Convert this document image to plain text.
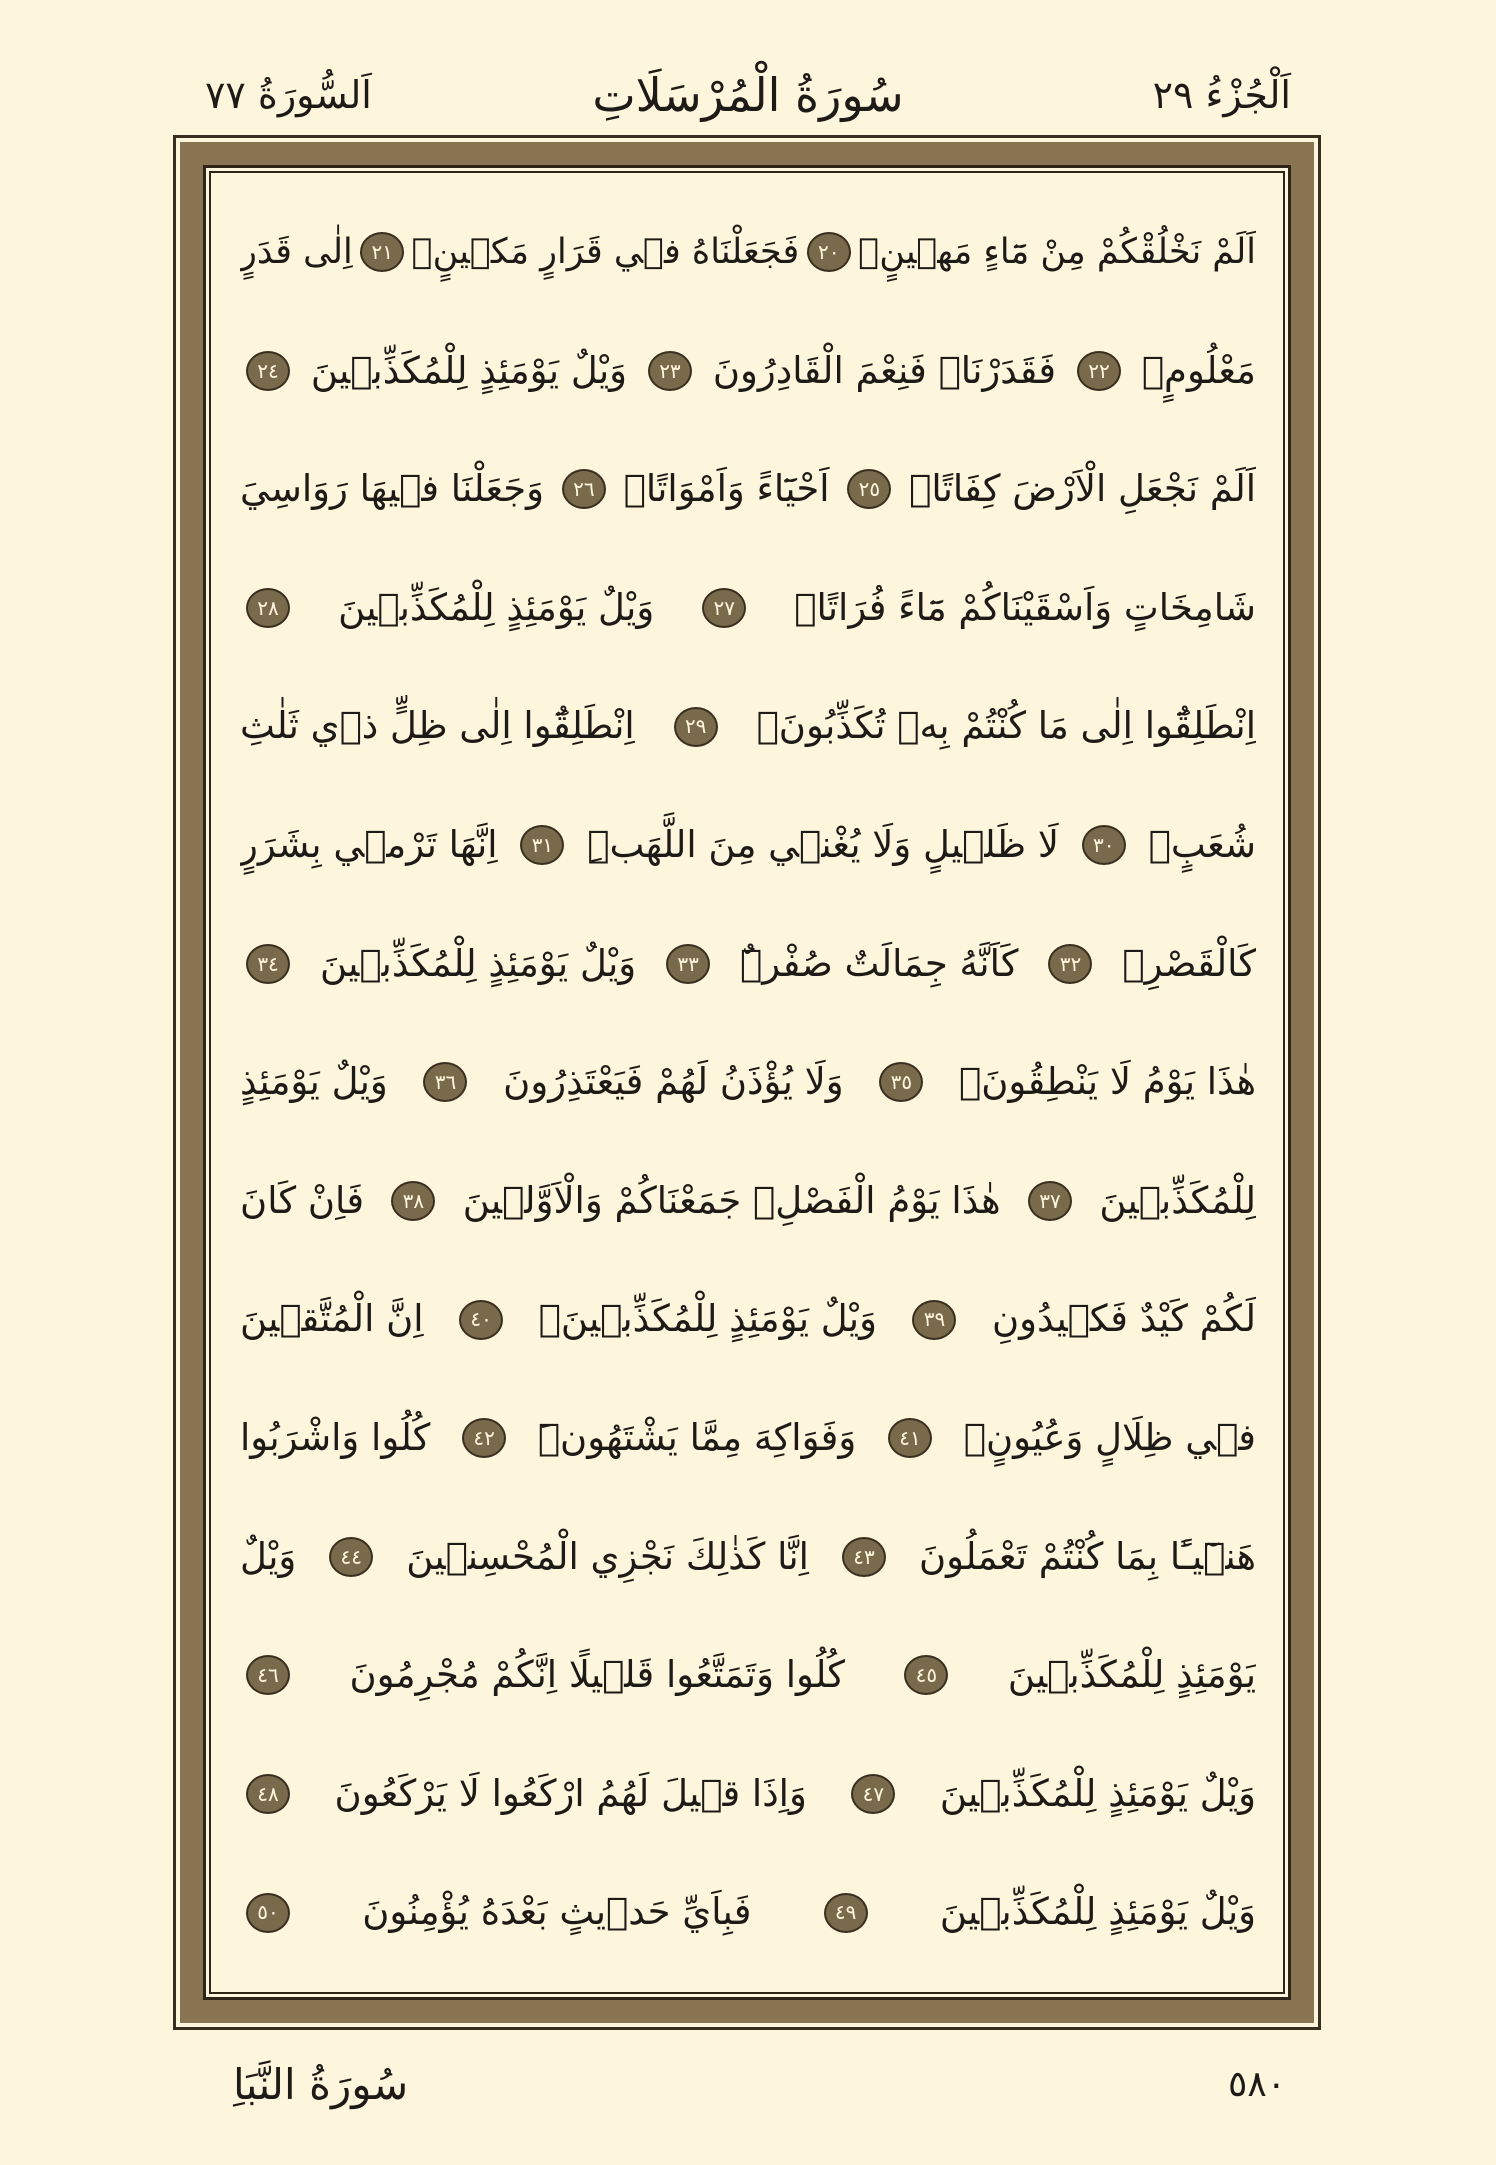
اَلْجُزْءُ ٢٩
سُورَةُ الْمُرْسَلَاتِ
اَلسُّورَةُ ٧٧
اَلَمْ نَخْلُقْكُمْ مِنْ مَٓاءٍ مَه۪ينٍۙ
٢٠
فَجَعَلْنَاهُ ف۪ي قَرَارٍ مَك۪ينٍۙ
٢١
اِلٰى قَدَرٍ
مَعْلُومٍۙ
٢٢
فَقَدَرْنَاۗ فَنِعْمَ الْقَادِرُونَ
٢٣
وَيْلٌ يَوْمَئِذٍ لِلْمُكَذِّب۪ينَ
٢٤
اَلَمْ نَجْعَلِ الْاَرْضَ كِفَاتًاۙ
٢٥
اَحْيَٓاءً وَاَمْوَاتًاۙ
٢٦
وَجَعَلْنَا ف۪يهَا رَوَاسِيَ
شَامِخَاتٍ وَاَسْقَيْنَاكُمْ مَٓاءً فُرَاتًاۜ
٢٧
وَيْلٌ يَوْمَئِذٍ لِلْمُكَذِّب۪ينَ
٢٨
اِنْطَلِقُٓوا اِلٰى مَا كُنْتُمْ بِه۪ تُكَذِّبُونَۚ
٢٩
اِنْطَلِقُٓوا اِلٰى ظِلٍّ ذ۪ي ثَلٰثِ
شُعَبٍۙ
٣٠
لَا ظَل۪يلٍ وَلَا يُغْن۪ي مِنَ اللَّهَبِۜ
٣١
اِنَّهَا تَرْم۪ي بِشَرَرٍ
كَالْقَصْرِۚ
٣٢
كَاَنَّهُ جِمَالَتٌ صُفْرٌۜ
٣٣
وَيْلٌ يَوْمَئِذٍ لِلْمُكَذِّب۪ينَ
٣٤
هٰذَا يَوْمُ لَا يَنْطِقُونَۙ
٣٥
وَلَا يُؤْذَنُ لَهُمْ فَيَعْتَذِرُونَ
٣٦
وَيْلٌ يَوْمَئِذٍ
لِلْمُكَذِّب۪ينَ
٣٧
هٰذَا يَوْمُ الْفَصْلِۚ جَمَعْنَاكُمْ وَالْاَوَّل۪ينَ
٣٨
فَاِنْ كَانَ
لَكُمْ كَيْدٌ فَك۪يدُونِ
٣٩
وَيْلٌ يَوْمَئِذٍ لِلْمُكَذِّب۪ينَ۟
٤٠
اِنَّ الْمُتَّق۪ينَ
ف۪ي ظِلَالٍ وَعُيُونٍۙ
٤١
وَفَوَاكِهَ مِمَّا يَشْتَهُونَۜ
٤٢
كُلُوا وَاشْرَبُوا
هَن۪ٓيـًٔا بِمَا كُنْتُمْ تَعْمَلُونَ
٤٣
اِنَّا كَذٰلِكَ نَجْزِي الْمُحْسِن۪ينَ
٤٤
وَيْلٌ
يَوْمَئِذٍ لِلْمُكَذِّب۪ينَ
٤٥
كُلُوا وَتَمَتَّعُوا قَل۪يلًا اِنَّكُمْ مُجْرِمُونَ
٤٦
وَيْلٌ يَوْمَئِذٍ لِلْمُكَذِّب۪ينَ
٤٧
وَاِذَا ق۪يلَ لَهُمُ ارْكَعُوا لَا يَرْكَعُونَ
٤٨
وَيْلٌ يَوْمَئِذٍ لِلْمُكَذِّب۪ينَ
٤٩
فَبِاَيِّ حَد۪يثٍ بَعْدَهُ يُؤْمِنُونَ
٥٠
سُورَةُ النَّبَاِ	٥٨٠
